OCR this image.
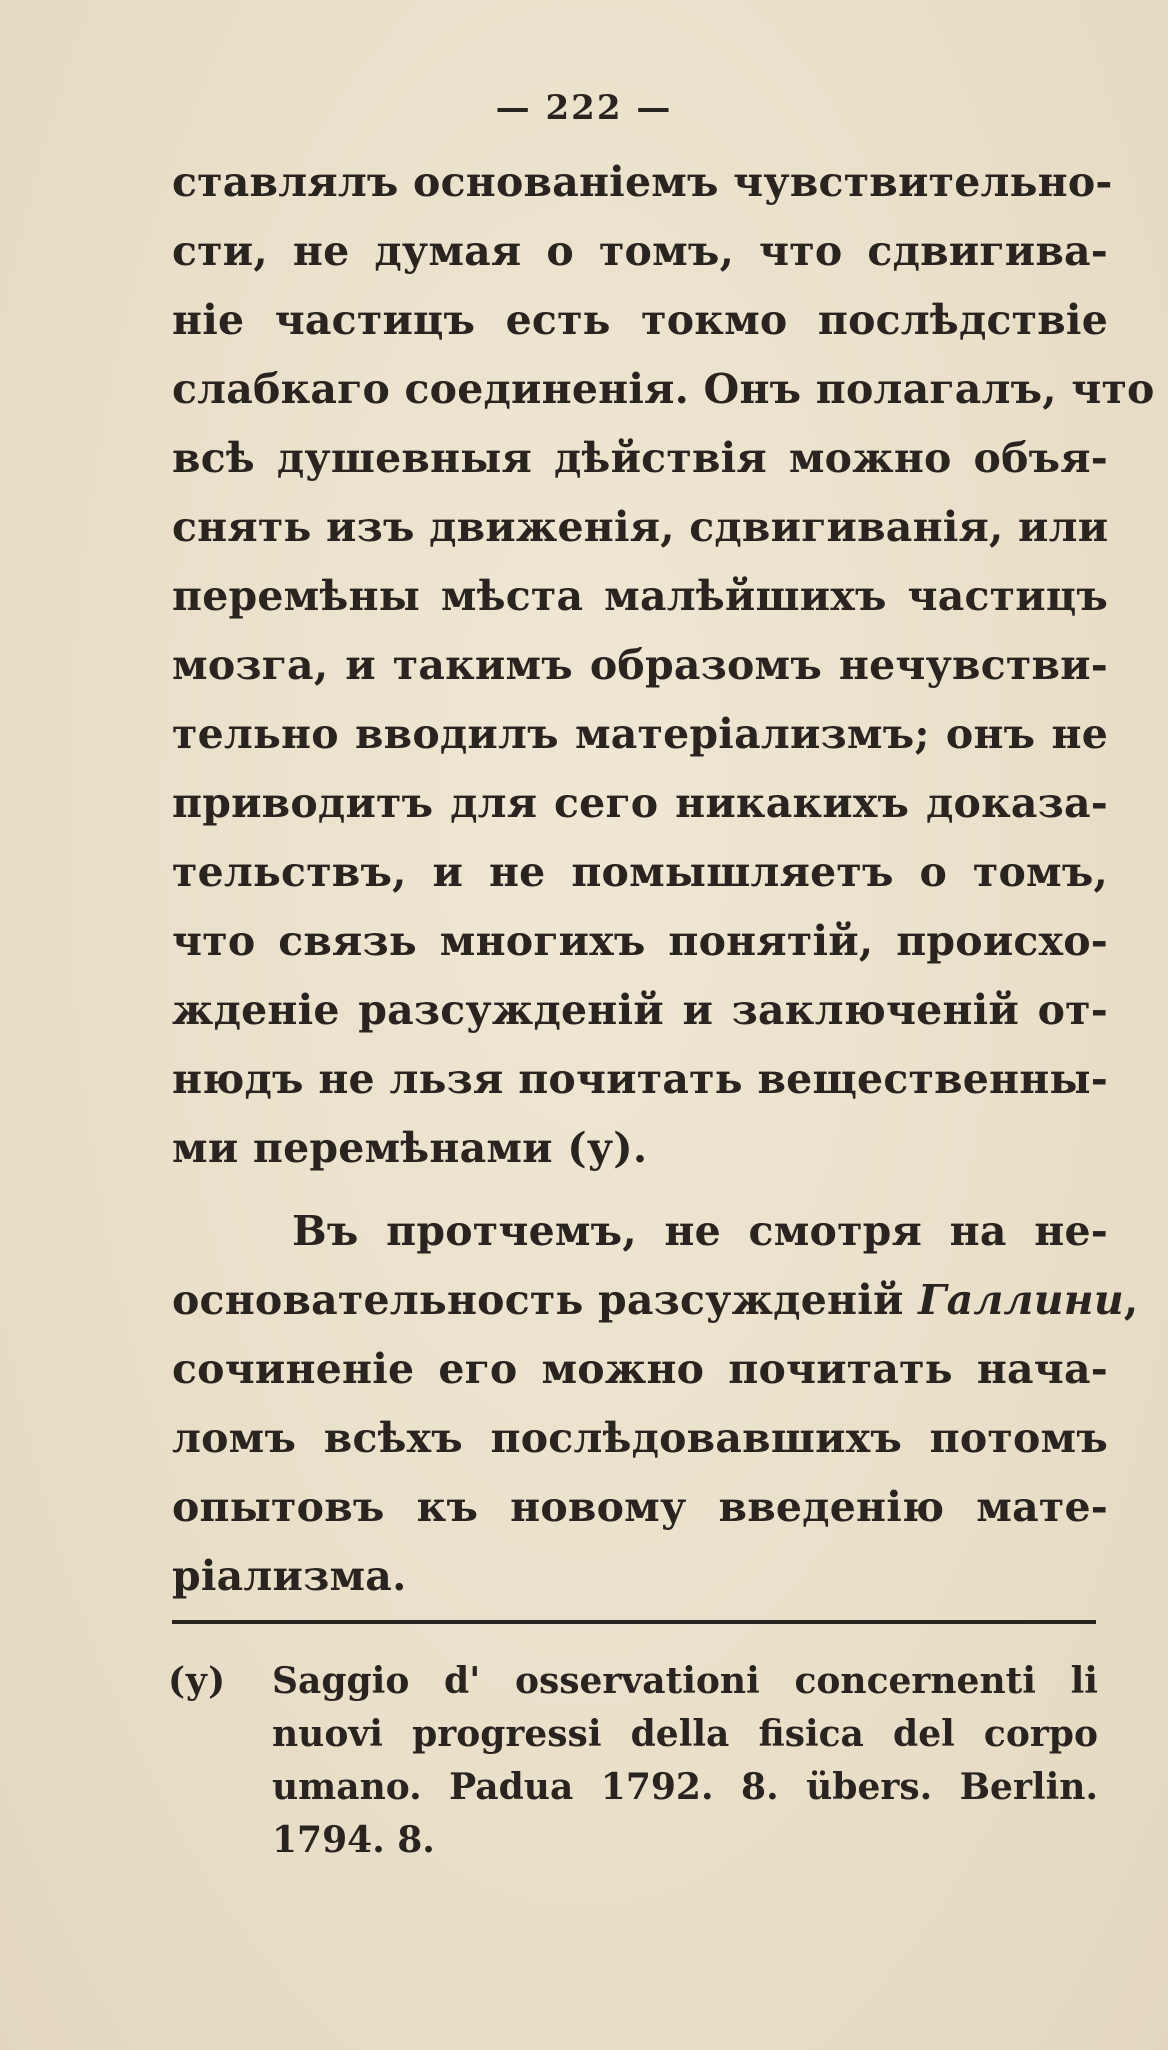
— 222 —
ставлялъ основаніемъ чувствительно-
сти, не думая о томъ, что сдвигива-
ніе частицъ есть токмо послѣдствіе
слабкаго соединенія. Онъ полагалъ, что
всѣ душевныя дѣйствія можно объя-
снять изъ движенія, сдвигиванія, или
перемѣны мѣста малѣйшихъ частицъ
мозга, и такимъ образомъ нечувстви-
тельно вводилъ матеріализмъ; онъ не
приводитъ для сего никакихъ доказа-
тельствъ, и не помышляетъ о томъ,
что связь многихъ понятій, происхо-
жденіе разсужденій и заключеній от-
нюдъ не льзя почитать вещественны-
ми перемѣнами (у).
Въ протчемъ, не смотря на не-
основательность разсужденій Галлини,
сочиненіе его можно почитать нача-
ломъ всѣхъ послѣдовавшихъ потомъ
опытовъ къ новому введенію мате-
ріализма.
(у) Saggio d' osservationi concernenti li
nuovi progressi della fisica del corpo
umano. Padua 1792. 8. übers. Berlin.
1794. 8.
